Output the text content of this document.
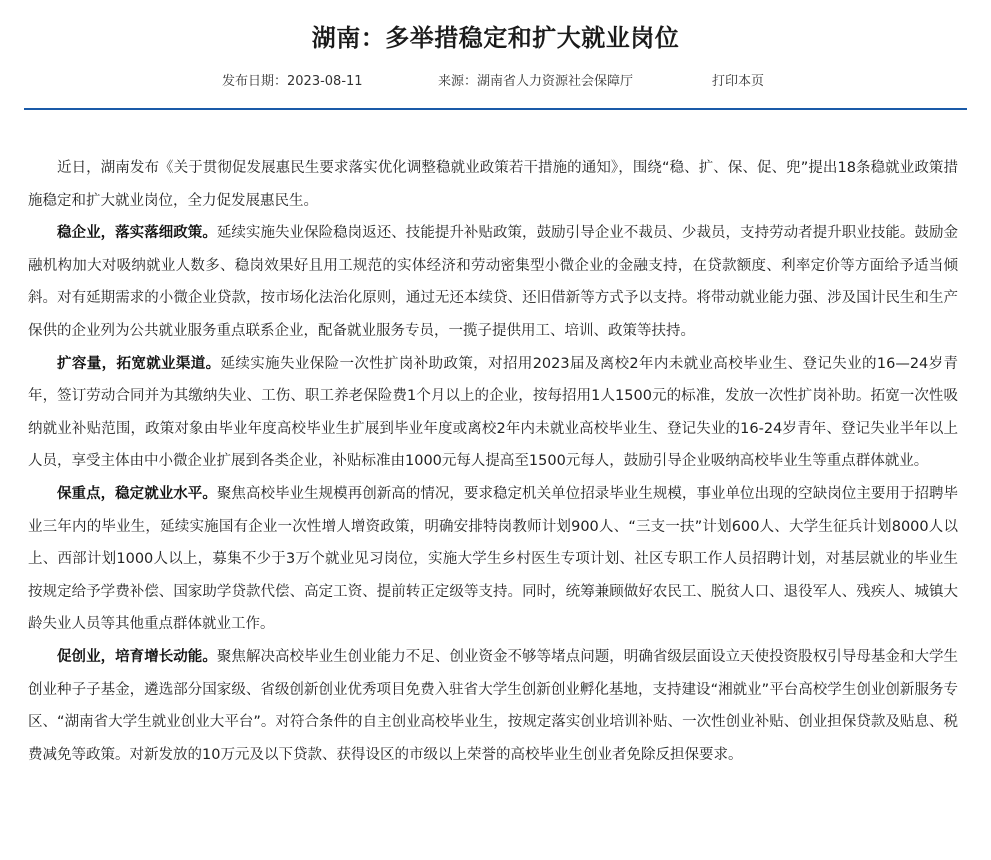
湖南：多举措稳定和扩大就业岗位
发布日期：2023-08-11	来源：湖南省人力资源社会保障厅	打印本页

近日，湖南发布《关于贯彻促发展惠民生要求落实优化调整稳就业政策若干措施的通知》，围绕“稳、扩、保、促、兜”提出18条稳就业政策措施稳定和扩大就业岗位，全力促发展惠民生。

稳企业，落实落细政策。延续实施失业保险稳岗返还、技能提升补贴政策，鼓励引导企业不裁员、少裁员，支持劳动者提升职业技能。鼓励金融机构加大对吸纳就业人数多、稳岗效果好且用工规范的实体经济和劳动密集型小微企业的金融支持，在贷款额度、利率定价等方面给予适当倾斜。对有延期需求的小微企业贷款，按市场化法治化原则，通过无还本续贷、还旧借新等方式予以支持。将带动就业能力强、涉及国计民生和生产保供的企业列为公共就业服务重点联系企业，配备就业服务专员，一揽子提供用工、培训、政策等扶持。

扩容量，拓宽就业渠道。延续实施失业保险一次性扩岗补助政策，对招用2023届及离校2年内未就业高校毕业生、登记失业的16—24岁青年，签订劳动合同并为其缴纳失业、工伤、职工养老保险费1个月以上的企业，按每招用1人1500元的标准，发放一次性扩岗补助。拓宽一次性吸纳就业补贴范围，政策对象由毕业年度高校毕业生扩展到毕业年度或离校2年内未就业高校毕业生、登记失业的16-24岁青年、登记失业半年以上人员，享受主体由中小微企业扩展到各类企业，补贴标准由1000元每人提高至1500元每人，鼓励引导企业吸纳高校毕业生等重点群体就业。

保重点，稳定就业水平。聚焦高校毕业生规模再创新高的情况，要求稳定机关单位招录毕业生规模，事业单位出现的空缺岗位主要用于招聘毕业三年内的毕业生，延续实施国有企业一次性增人增资政策，明确安排特岗教师计划900人、“三支一扶”计划600人、大学生征兵计划8000人以上、西部计划1000人以上，募集不少于3万个就业见习岗位，实施大学生乡村医生专项计划、社区专职工作人员招聘计划，对基层就业的毕业生按规定给予学费补偿、国家助学贷款代偿、高定工资、提前转正定级等支持。同时，统筹兼顾做好农民工、脱贫人口、退役军人、残疾人、城镇大龄失业人员等其他重点群体就业工作。

促创业，培育增长动能。聚焦解决高校毕业生创业能力不足、创业资金不够等堵点问题，明确省级层面设立天使投资股权引导母基金和大学生创业种子子基金，遴选部分国家级、省级创新创业优秀项目免费入驻省大学生创新创业孵化基地，支持建设“湘就业”平台高校学生创业创新服务专区、“湖南省大学生就业创业大平台”。对符合条件的自主创业高校毕业生，按规定落实创业培训补贴、一次性创业补贴、创业担保贷款及贴息、税费减免等政策。对新发放的10万元及以下贷款、获得设区的市级以上荣誉的高校毕业生创业者免除反担保要求。
